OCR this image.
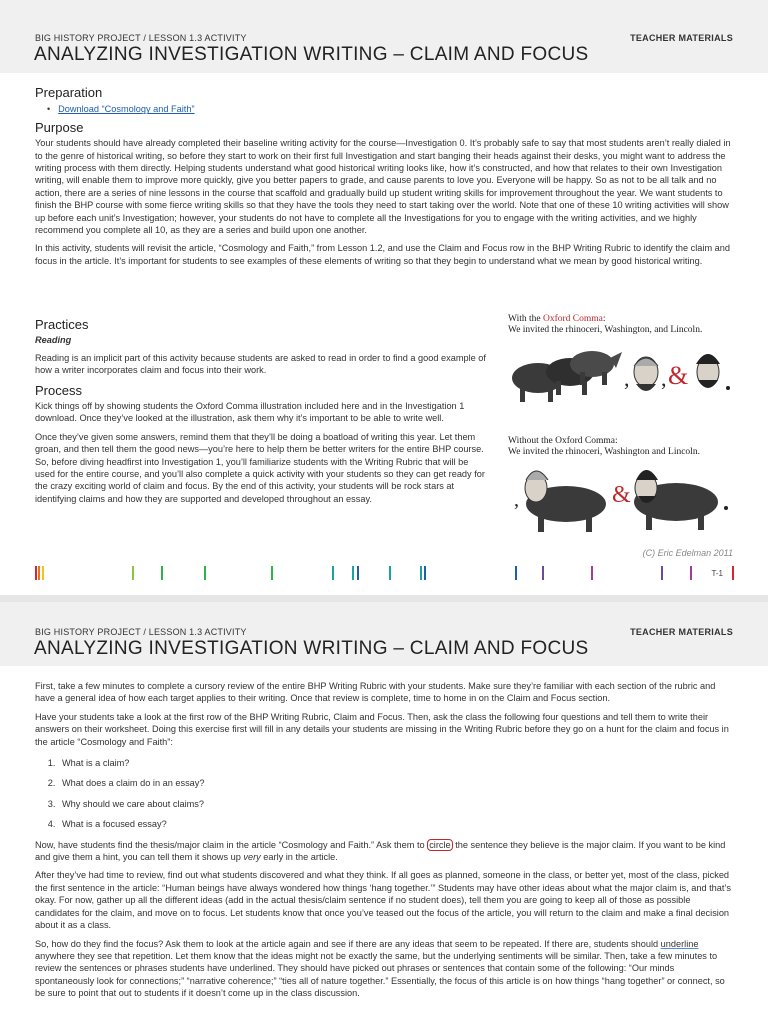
BIG HISTORY PROJECT / LESSON 1.3 ACTIVITY	TEACHER MATERIALS
ANALYZING INVESTIGATION WRITING – CLAIM AND FOCUS
Preparation
• Download “Cosmology and Faith”
Purpose

Your students should have already completed their baseline writing activity for the course—Investigation 0. It’s probably safe to say that most students aren’t really dialed in to the genre of historical writing, so before they start to work on their first full Investigation and start banging their heads against their desks, you might want to address the writing process with them directly. Helping students understand what good historical writing looks like, how it’s constructed, and how that relates to their own Investigation writing, will enable them to improve more quickly, give you better papers to grade, and cause parents to love you. Everyone will be happy. So as not to be all talk and no action, there are a series of nine lessons in the course that scaffold and gradually build up student writing skills for improvement throughout the year. We want students to finish the BHP course with some fierce writing skills so that they have the tools they need to start taking over the world. Note that one of these 10 writing activities will show up before each unit’s Investigation; however, your students do not have to complete all the Investigations for you to engage with the writing activities, and we highly recommend you complete all 10, as they are a series and build upon one another.

In this activity, students will revisit the article, “Cosmology and Faith,” from Lesson 1.2, and use the Claim and Focus row in the BHP Writing Rubric to identify the claim and focus in the article. It’s important for students to see examples of these elements of writing so that they begin to understand what we mean by good historical writing.

Practices
Reading

Reading is an implicit part of this activity because students are asked to read in order to find a good example of how a writer incorporates claim and focus into their work.

Process

Kick things off by showing students the Oxford Comma illustration included here and in the Investigation 1 download. Once they’ve looked at the illustration, ask them why it’s important to be able to write well.

Once they’ve given some answers, remind them that they’ll be doing a boatload of writing this year. Let them groan, and then tell them the good news—you’re here to help them be better writers for the entire BHP course. So, before diving headfirst into Investigation 1, you’ll familiarize students with the Writing Rubric that will be used for the entire course, and you’ll also complete a quick activity with your students so they can get ready for the crazy exciting world of claim and focus. By the end of this activity, your students will be rock stars at identifying claims and how they are supported and developed throughout an essay.

With the Oxford Comma:
We invited the rhinoceri, Washington, and Lincoln.
, , &
Without the Oxford Comma:
We invited the rhinoceri, Washington and Lincoln.
,	&
(C) Eric Edelman 2011
T-1
BIG HISTORY PROJECT / LESSON 1.3 ACTIVITY	TEACHER MATERIALS
ANALYZING INVESTIGATION WRITING – CLAIM AND FOCUS

First, take a few minutes to complete a cursory review of the entire BHP Writing Rubric with your students. Make sure they’re familiar with each section of the rubric and have a general idea of how each target applies to their writing. Once that review is complete, time to home in on the Claim and Focus section.

Have your students take a look at the first row of the BHP Writing Rubric, Claim and Focus. Then, ask the class the following four questions and tell them to write their answers on their worksheet. Doing this exercise first will fill in any details your students are missing in the Writing Rubric before they go on a hunt for the claim and focus in the article “Cosmology and Faith”:

1. What is a claim?
2. What does a claim do in an essay?
3. Why should we care about claims?
4. What is a focused essay?

Now, have students find the thesis/major claim in the article “Cosmology and Faith.” Ask them to circle the sentence they believe is the major claim. If you want to be kind and give them a hint, you can tell them it shows up very early in the article.

After they’ve had time to review, find out what students discovered and what they think. If all goes as planned, someone in the class, or better yet, most of the class, picked the first sentence in the article: “Human beings have always wondered how things ‘hang together.’” Students may have other ideas about what the major claim is, and that’s okay. For now, gather up all the different ideas (add in the actual thesis/claim sentence if no student does), tell them you are going to keep all of those as possible candidates for the claim, and move on to focus. Let students know that once you’ve teased out the focus of the article, you will return to the claim and make a final decision about it as a class.

So, how do they find the focus? Ask them to look at the article again and see if there are any ideas that seem to be repeated. If there are, students should underline anywhere they see that repetition. Let them know that the ideas might not be exactly the same, but the underlying sentiments will be similar. Then, take a few minutes to review the sentences or phrases students have underlined. They should have picked out phrases or sentences that contain some of the following: “Our minds spontaneously look for connections;” “narrative coherence;” “ties all of nature together.” Essentially, the focus of this article is on how things “hang together” or connect, so be sure to point that out to students if it doesn’t come up in the class discussion.
